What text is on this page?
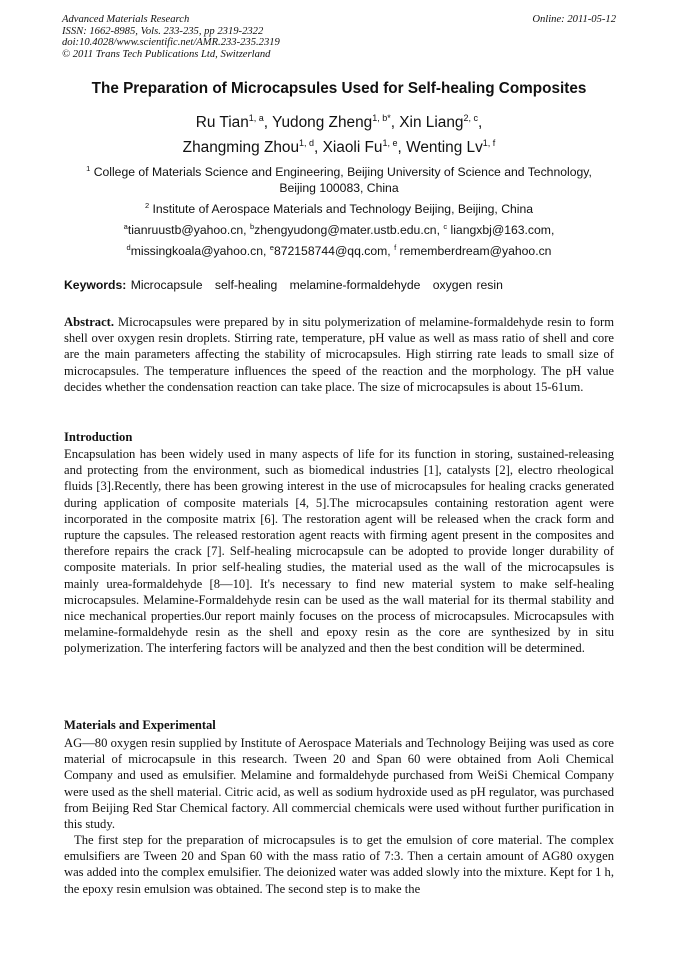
Advanced Materials Research
ISSN: 1662-8985, Vols. 233-235, pp 2319-2322
doi:10.4028/www.scientific.net/AMR.233-235.2319
© 2011 Trans Tech Publications Ltd, Switzerland
Online: 2011-05-12
The Preparation of Microcapsules Used for Self-healing Composites
Ru Tian$^{1, a}$, Yudong Zheng$^{1, b*}$, Xin Liang$^{2, c}$,
Zhangming Zhou$^{1, d}$, Xiaoli Fu$^{1, e}$, Wenting Lv$^{1, f}$
$^1$ College of Materials Science and Engineering, Beijing University of Science and Technology,
Beijing 100083, China
$^2$ Institute of Aerospace Materials and Technology Beijing, Beijing, China
$^a$tianruustb@yahoo.cn, $^b$zhengyudong@mater.ustb.edu.cn, $^c$ liangxbj@163.com,
$^d$missingkoala@yahoo.cn, $^e$872158744@qq.com, $^f$ rememberdream@yahoo.cn
Keywords: Microcapsule self-healing melamine-formaldehyde oxygen resin
Abstract. Microcapsules were prepared by in situ polymerization of melamine-formaldehyde resin to form shell over oxygen resin droplets. Stirring rate, temperature, pH value as well as mass ratio of shell and core are the main parameters affecting the stability of microcapsules. High stirring rate leads to small size of microcapsules. The temperature influences the speed of the reaction and the morphology. The pH value decides whether the condensation reaction can take place. The size of microcapsules is about 15-61um.
Introduction
Encapsulation has been widely used in many aspects of life for its function in storing, sustained-releasing and protecting from the environment, such as biomedical industries [1], catalysts [2], electro rheological fluids [3].Recently, there has been growing interest in the use of microcapsules for healing cracks generated during application of composite materials [4, 5].The microcapsules containing restoration agent were incorporated in the composite matrix [6]. The restoration agent will be released when the crack form and rupture the capsules. The released restoration agent reacts with firming agent present in the composites and therefore repairs the crack [7]. Self-healing microcapsule can be adopted to provide longer durability of composite materials. In prior self-healing studies, the material used as the wall of the microcapsules is mainly urea-formaldehyde [8—10]. It's necessary to find new material system to make self-healing microcapsules. Melamine-Formaldehyde resin can be used as the wall material for its thermal stability and nice mechanical properties.0ur report mainly focuses on the process of microcapsules. Microcapsules with melamine-formaldehyde resin as the shell and epoxy resin as the core are synthesized by in situ polymerization. The interfering factors will be analyzed and then the best condition will be determined.
Materials and Experimental
AG—80 oxygen resin supplied by Institute of Aerospace Materials and Technology Beijing was used as core material of microcapsule in this research. Tween 20 and Span 60 were obtained from Aoli Chemical Company and used as emulsifier. Melamine and formaldehyde purchased from WeiSi Chemical Company were used as the shell material. Citric acid, as well as sodium hydroxide used as pH regulator, was purchased from Beijing Red Star Chemical factory. All commercial chemicals were used without further purification in this study.
The first step for the preparation of microcapsules is to get the emulsion of core material. The complex emulsifiers are Tween 20 and Span 60 with the mass ratio of 7:3. Then a certain amount of AG80 oxygen was added into the complex emulsifier. The deionized water was added slowly into the mixture. Kept for 1 h, the epoxy resin emulsion was obtained. The second step is to make the
